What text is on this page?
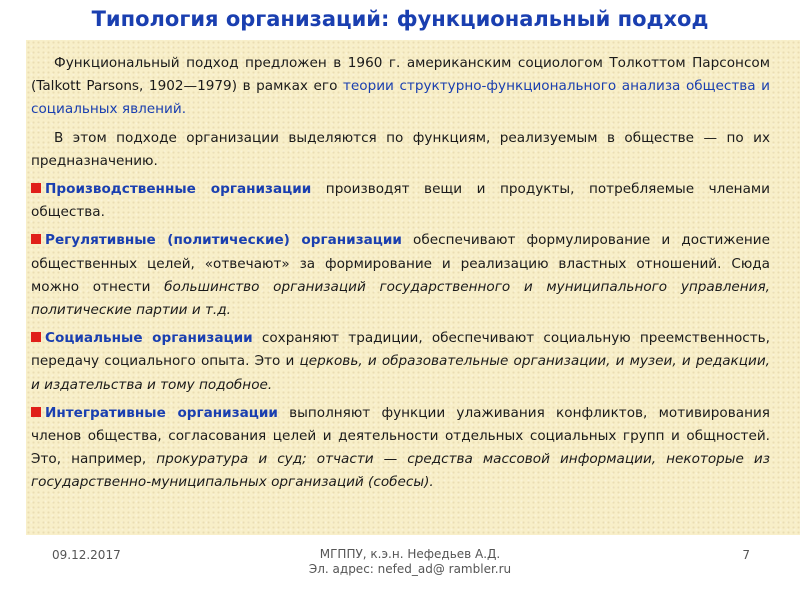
Типология организаций: функциональный подход

Функциональный подход предложен в 1960 г. американским социологом Толкоттом Парсонсом (Talkott Parsons, 1902—1979) в рамках его теории структурно-функционального анализа общества и социальных явлений.

В этом подходе организации выделяются по функциям, реализуемым в обществе — по их предназначению.

Производственные организации производят вещи и продукты, потребляемые членами общества.

Регулятивные (политические) организации обеспечивают формулирование и достижение общественных целей, «отвечают» за формирование и реализацию властных отношений. Сюда можно отнести большинство организаций государственного и муниципального управления, политические партии и т.д.

Социальные организации сохраняют традиции, обеспечивают социальную преемственность, передачу социального опыта. Это и церковь, и образовательные организации, и музеи, и редакции, и издательства и тому подобное.

Интегративные организации выполняют функции улаживания конфликтов, мотивирования членов общества, согласования целей и деятельности отдельных социальных групп и общностей. Это, например, прокуратура и суд; отчасти — средства массовой информации, некоторые из государственно-муниципальных организаций (собесы).

09.12.2017	МГППУ, к.э.н. Нефедьев А.Д.
Эл. адрес: nefed_ad@ rambler.ru
7
